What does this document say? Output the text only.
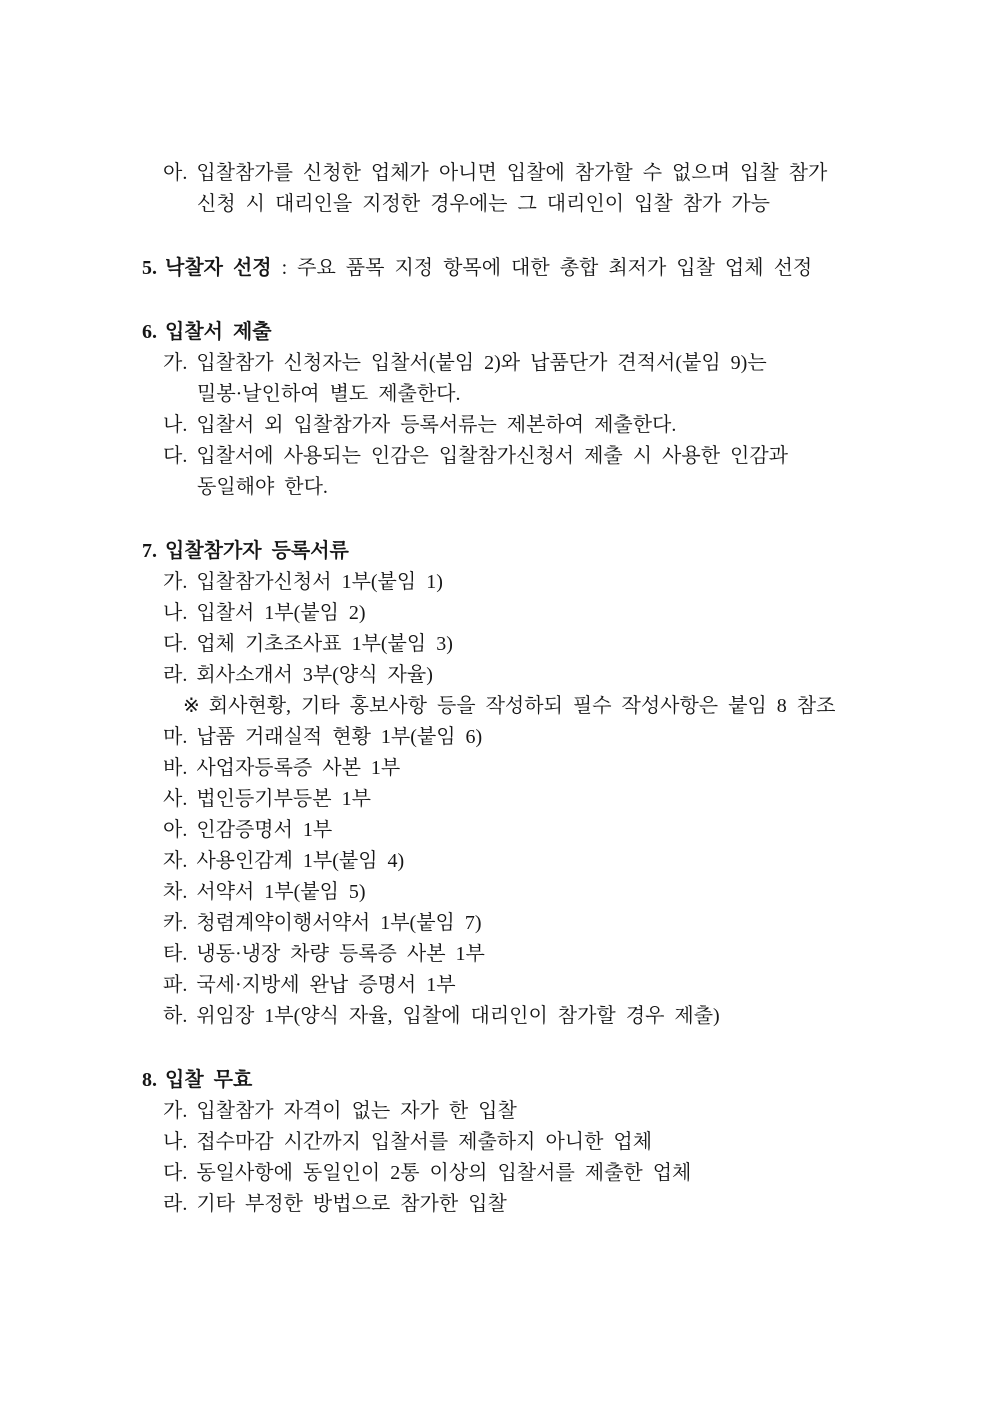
아. 입찰참가를 신청한 업체가 아니면 입찰에 참가할 수 없으며 입찰 참가
신청 시 대리인을 지정한 경우에는 그 대리인이 입찰 참가 가능
5. 낙찰자 선정 : 주요 품목 지정 항목에 대한 총합 최저가 입찰 업체 선정
6. 입찰서 제출
가. 입찰참가 신청자는 입찰서(붙임 2)와 납품단가 견적서(붙임 9)는
밀봉·날인하여 별도 제출한다.
나. 입찰서 외 입찰참가자 등록서류는 제본하여 제출한다.
다. 입찰서에 사용되는 인감은 입찰참가신청서 제출 시 사용한 인감과
동일해야 한다.
7. 입찰참가자 등록서류
가. 입찰참가신청서 1부(붙임 1)
나. 입찰서 1부(붙임 2)
다. 업체 기초조사표 1부(붙임 3)
라. 회사소개서 3부(양식 자율)
※ 회사현황, 기타 홍보사항 등을 작성하되 필수 작성사항은 붙임 8 참조
마. 납품 거래실적 현황 1부(붙임 6)
바. 사업자등록증 사본 1부
사. 법인등기부등본 1부
아. 인감증명서 1부
자. 사용인감계 1부(붙임 4)
차. 서약서 1부(붙임 5)
카. 청렴계약이행서약서 1부(붙임 7)
타. 냉동·냉장 차량 등록증 사본 1부
파. 국세·지방세 완납 증명서 1부
하. 위임장 1부(양식 자율, 입찰에 대리인이 참가할 경우 제출)
8. 입찰 무효
가. 입찰참가 자격이 없는 자가 한 입찰
나. 접수마감 시간까지 입찰서를 제출하지 아니한 업체
다. 동일사항에 동일인이 2통 이상의 입찰서를 제출한 업체
라. 기타 부정한 방법으로 참가한 입찰
